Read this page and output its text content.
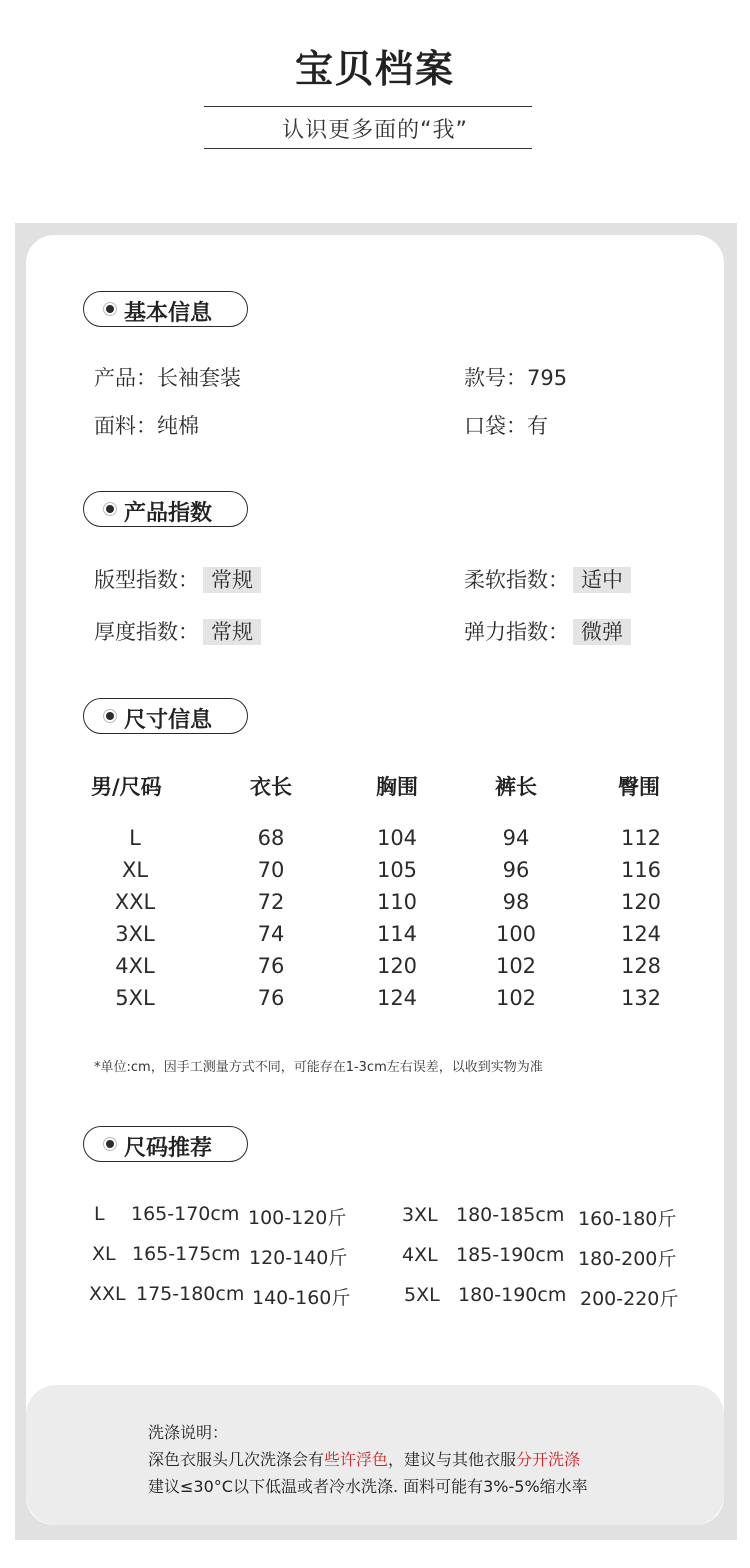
宝贝档案
认识更多面的“我”
基本信息
产品：长袖套装	款号：795
面料：纯棉	口袋：有
产品指数
版型指数： 常规	柔软指数： 适中
厚度指数： 常规	弹力指数： 微弹
尺寸信息
男/尺码	衣长	胸围	裤长	臀围
L	68	104	94	112
XL	70	105	96	116
XXL	72	110	98	120
3XL	74	114	100	124
4XL	76	120	102	128
5XL	76	124	102	132
*单位:cm，因手工测量方式不同，可能存在1-3cm左右误差，以收到实物为准
尺码推荐
L 165-170cm 100-120斤
XL 165-175cm 120-140斤
XXL 175-180cm 140-160斤
3XL 180-185cm 160-180斤
4XL 185-190cm 180-200斤
5XL 180-190cm 200-220斤
洗涤说明：
深色衣服头几次洗涤会有些许浮色，建议与其他衣服分开洗涤
建议≤30°C以下低温或者冷水洗涤. 面料可能有3%-5%缩水率
